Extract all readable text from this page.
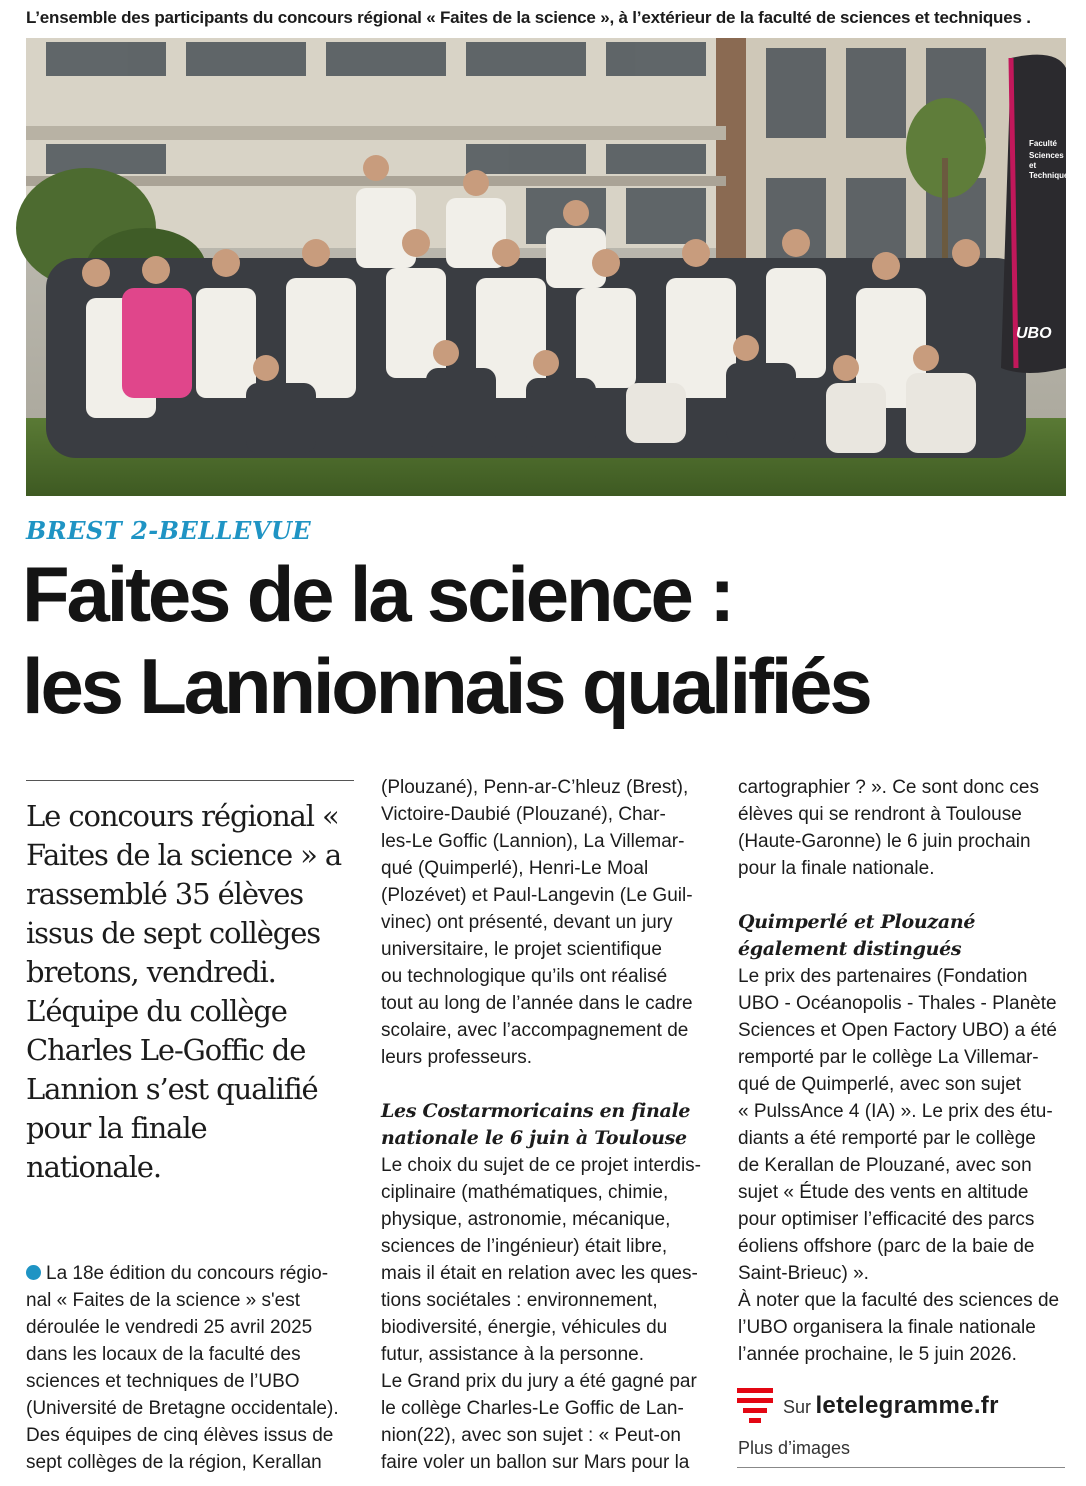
L’ensemble des participants du concours régional « Faites de la science », à l’extérieur de la faculté de sciences et techniques .
Faculté
Sciences
et
Techniques
UBO
BREST 2-BELLEVUE
Faites de la science :
les Lannionnais qualifiés
Le concours régional «
Faites de la science » a
rassemblé 35 élèves
issus de sept collèges
bretons, vendredi.
L’équipe du collège
Charles Le-Goffic de
Lannion s’est qualifié
pour la finale
nationale.
La 18e édition du concours régio-
nal « Faites de la science » s'est
déroulée le vendredi 25 avril 2025
dans les locaux de la faculté des
sciences et techniques de l’UBO
(Université de Bretagne occidentale).
Des équipes de cinq élèves issus de
sept collèges de la région, Kerallan
(Plouzané), Penn-ar-C’hleuz (Brest),
Victoire-Daubié (Plouzané), Char-
les-Le Goffic (Lannion), La Villemar-
qué (Quimperlé), Henri-Le Moal
(Plozévet) et Paul-Langevin (Le Guil-
vinec) ont présenté, devant un jury
universitaire, le projet scientifique
ou technologique qu’ils ont réalisé
tout au long de l’année dans le cadre
scolaire, avec l’accompagnement de
leurs professeurs.
Les Costarmoricains en finale
nationale le 6 juin à Toulouse
Le choix du sujet de ce projet interdis-
ciplinaire (mathématiques, chimie,
physique, astronomie, mécanique,
sciences de l’ingénieur) était libre,
mais il était en relation avec les ques-
tions sociétales : environnement,
biodiversité, énergie, véhicules du
futur, assistance à la personne.
Le Grand prix du jury a été gagné par
le collège Charles-Le Goffic de Lan-
nion(22), avec son sujet : « Peut-on
faire voler un ballon sur Mars pour la
cartographier ? ». Ce sont donc ces
élèves qui se rendront à Toulouse
(Haute-Garonne) le 6 juin prochain
pour la finale nationale.
Quimperlé et Plouzané
également distingués
Le prix des partenaires (Fondation
UBO - Océanopolis - Thales - Planète
Sciences et Open Factory UBO) a été
remporté par le collège La Villemar-
qué de Quimperlé, avec son sujet
« PulssAnce 4 (IA) ». Le prix des étu-
diants a été remporté par le collège
de Kerallan de Plouzané, avec son
sujet « Étude des vents en altitude
pour optimiser l’efficacité des parcs
éoliens offshore (parc de la baie de
Saint-Brieuc) ».
À noter que la faculté des sciences de
l’UBO organisera la finale nationale
l’année prochaine, le 5 juin 2026.
Sur letelegramme.fr
Plus d’images
